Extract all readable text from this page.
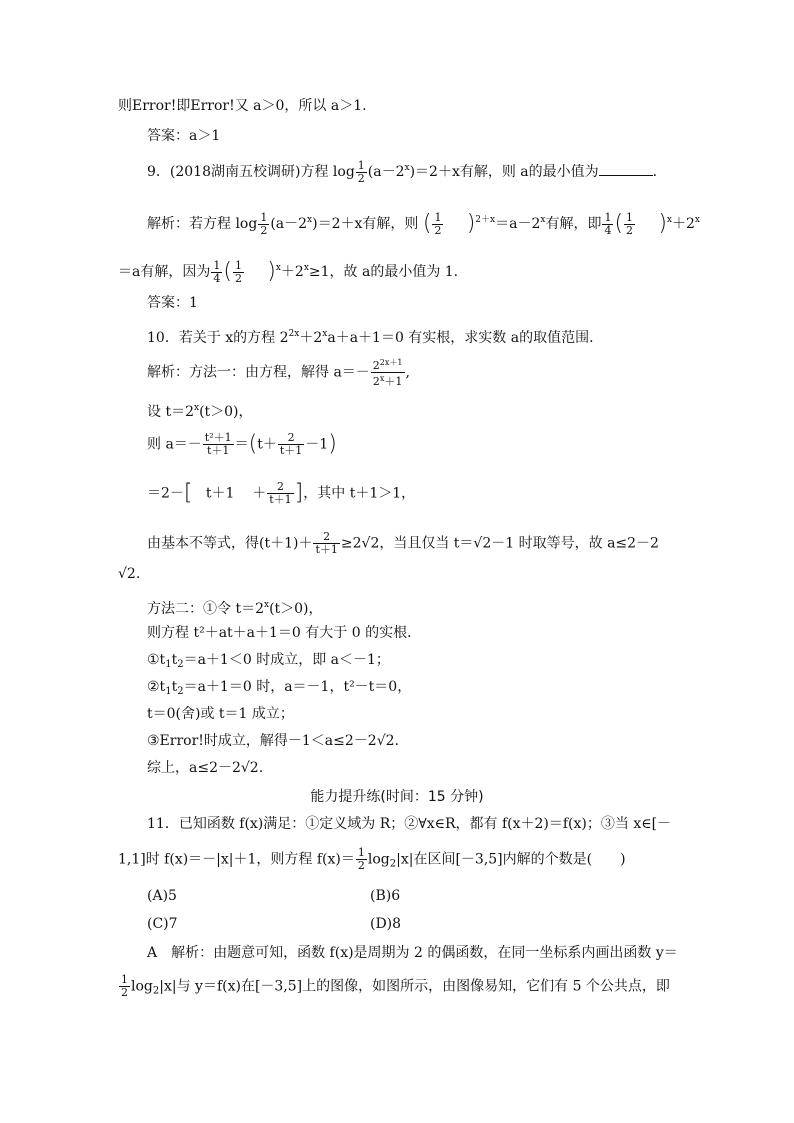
则Error!即Error!又 a＞0，所以 a＞1.
答案：a＞1
9．(2018湖南五校调研)方程 $\log \frac{1}{2} (a-2^x)=2+x$有解，则 a的最小值为	．
解析：若方程 $\log \frac{1}{2} (a-2^x)=2+x$有解，则 ( $\frac{1}{2} )^{2+x}=a-2^x$有解，即 $\frac{1}{4}$ ( $\frac{1}{2} )^x+2^x$
＝a有解，因为 $\frac{1}{4}$ ( $\frac{1}{2} )^x+2^x\ge 1$，故 a的最小值为 1.
答案：1
10．若关于 x的方程 $2^{2x}+2^xa+a+1=0$ 有实根，求实数 a的取值范围．
解析：方法一：由方程，解得 $a=- \frac{2^{2x+1}}{2^x+1}$ ,
设 $t=2^x(t>0)$，
则 $a=- \frac{\text{t²＋1}}{t+1} =(t+ \frac{2}{t+1} -1)$
＝2－[ $t+1 + \frac{2}{t+1}$ ]，其中 t＋1＞1，
由基本不等式，得$(t+1)+ \frac{2}{t+1} \ge 2√2$，当且仅当 t＝√2－1 时取等号，故 a≤2－2
√2.
方法二：①令 $t=2^x(t>0)$，
则方程 t²＋at＋a＋1＝0 有大于 0 的实根．
$①t_1t_2=a+1<0$ 时成立，即 a＜－1；
$②t_1t_2=a+1=0$ 时，a＝－1，t²－t＝0，
t＝0(舍)或 t＝1 成立；
③Error!时成立，解得－1＜a≤2－2√2.
综上，a≤2－2√2.
能力提升练(时间：15 分钟)
11．已知函数 f(x)满足：①定义域为 R；②∀x∈R，都有 f(x＋2)＝f(x)；③当 x∈[－
1,1]时 f(x)＝－|x|＋1，则方程 $f(x)= \frac{1}{2} \log_2|x|$在区间[－3,5]内解的个数是(　　)
(A)5	(B)6
(C)7	(D)8
A　解析：由题意可知，函数 f(x)是周期为 2 的偶函数，在同一坐标系内画出函数 y＝
$\frac{1}{2} \log_2|x|$与 y＝f(x)在[－3,5]上的图像，如图所示，由图像易知，它们有 5 个公共点，即
